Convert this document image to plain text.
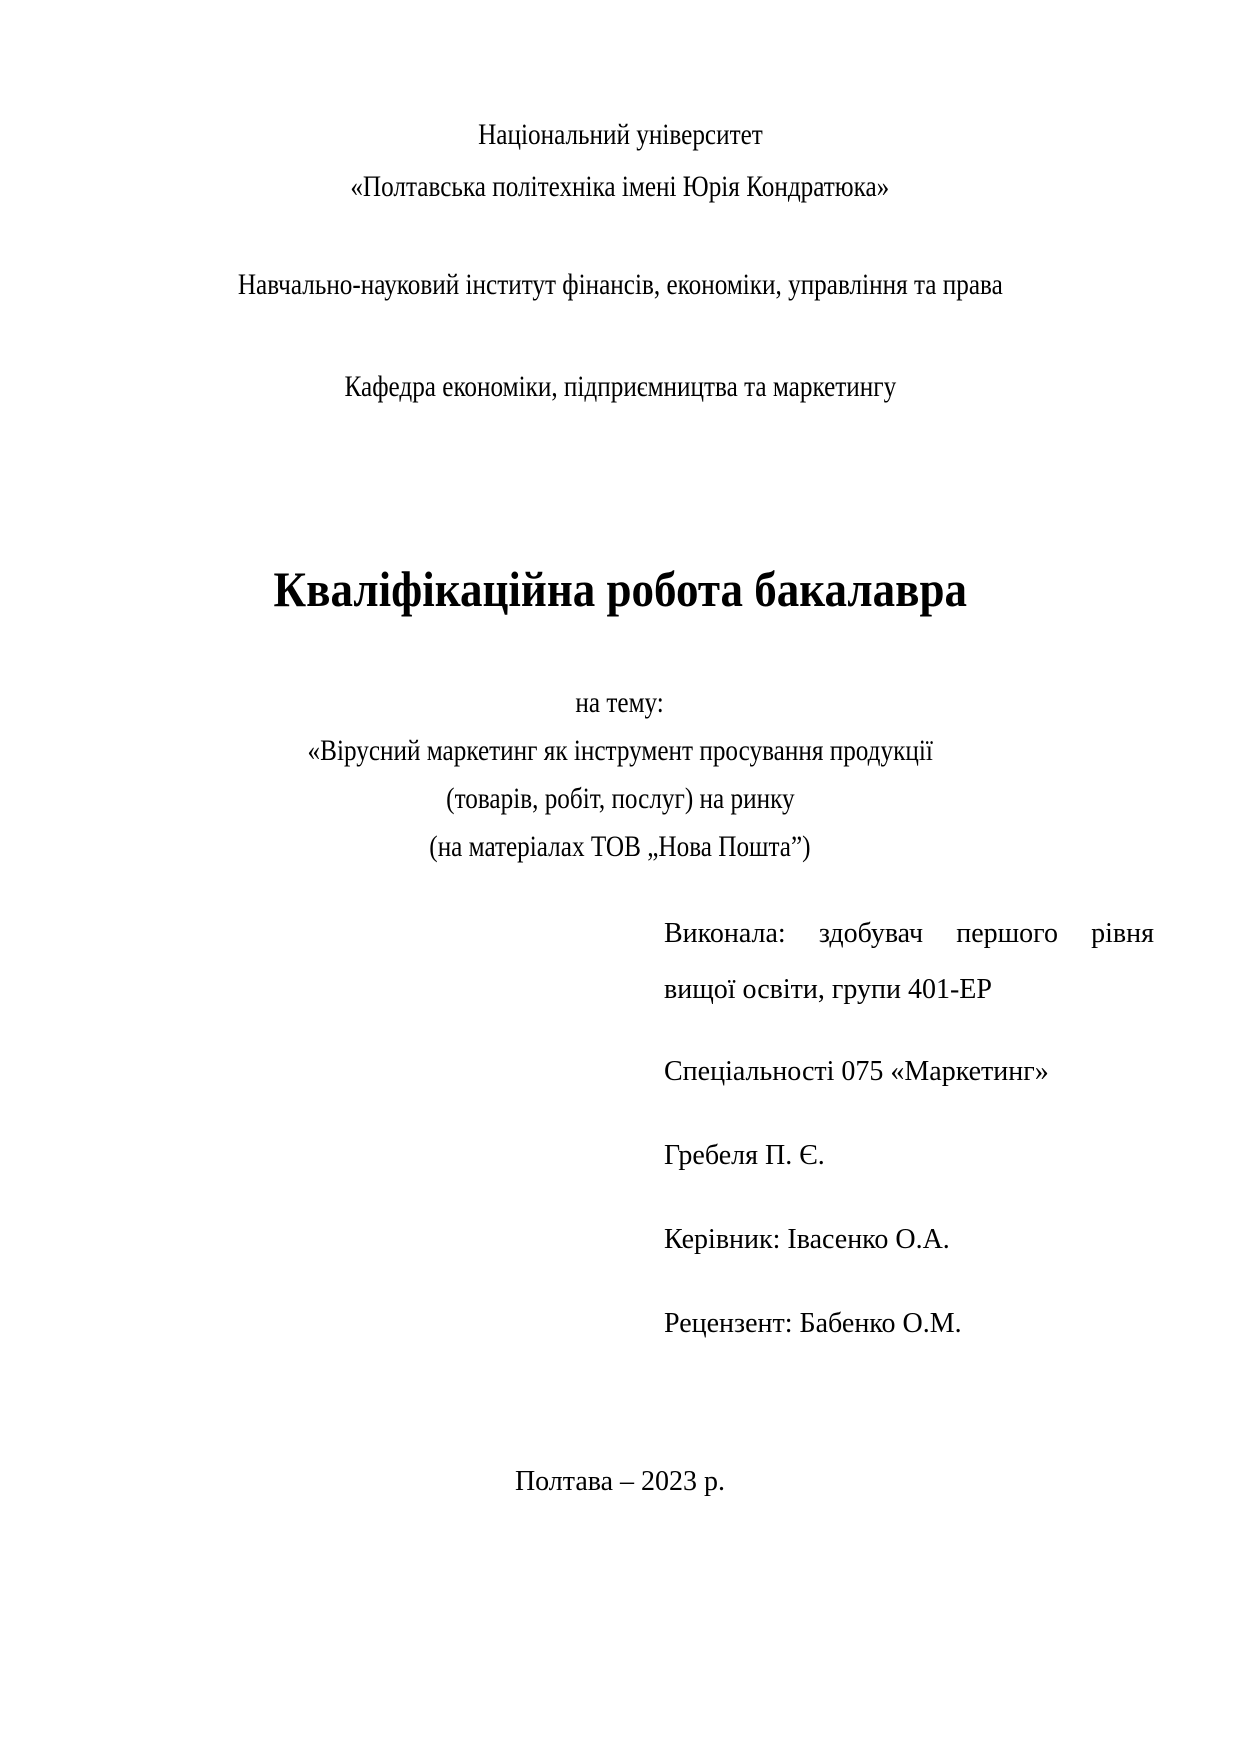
Національний університет
«Полтавська політехніка імені Юрія Кондратюка»
Навчально-науковий інститут фінансів, економіки, управління та права
Кафедра економіки, підприємництва та маркетингу
Кваліфікаційна робота бакалавра
на тему:
«Вірусний маркетинг як інструмент просування продукції
(товарів, робіт, послуг) на ринку
(на матеріалах ТОВ „Нова Пошта”)
Виконала: здобувач першого рівня
вищої освіти, групи 401-ЕР
Спеціальності 075 «Маркетинг»
Гребеля П. Є.
Керівник: Івасенко О.А.
Рецензент: Бабенко О.М.
Полтава – 2023 р.
